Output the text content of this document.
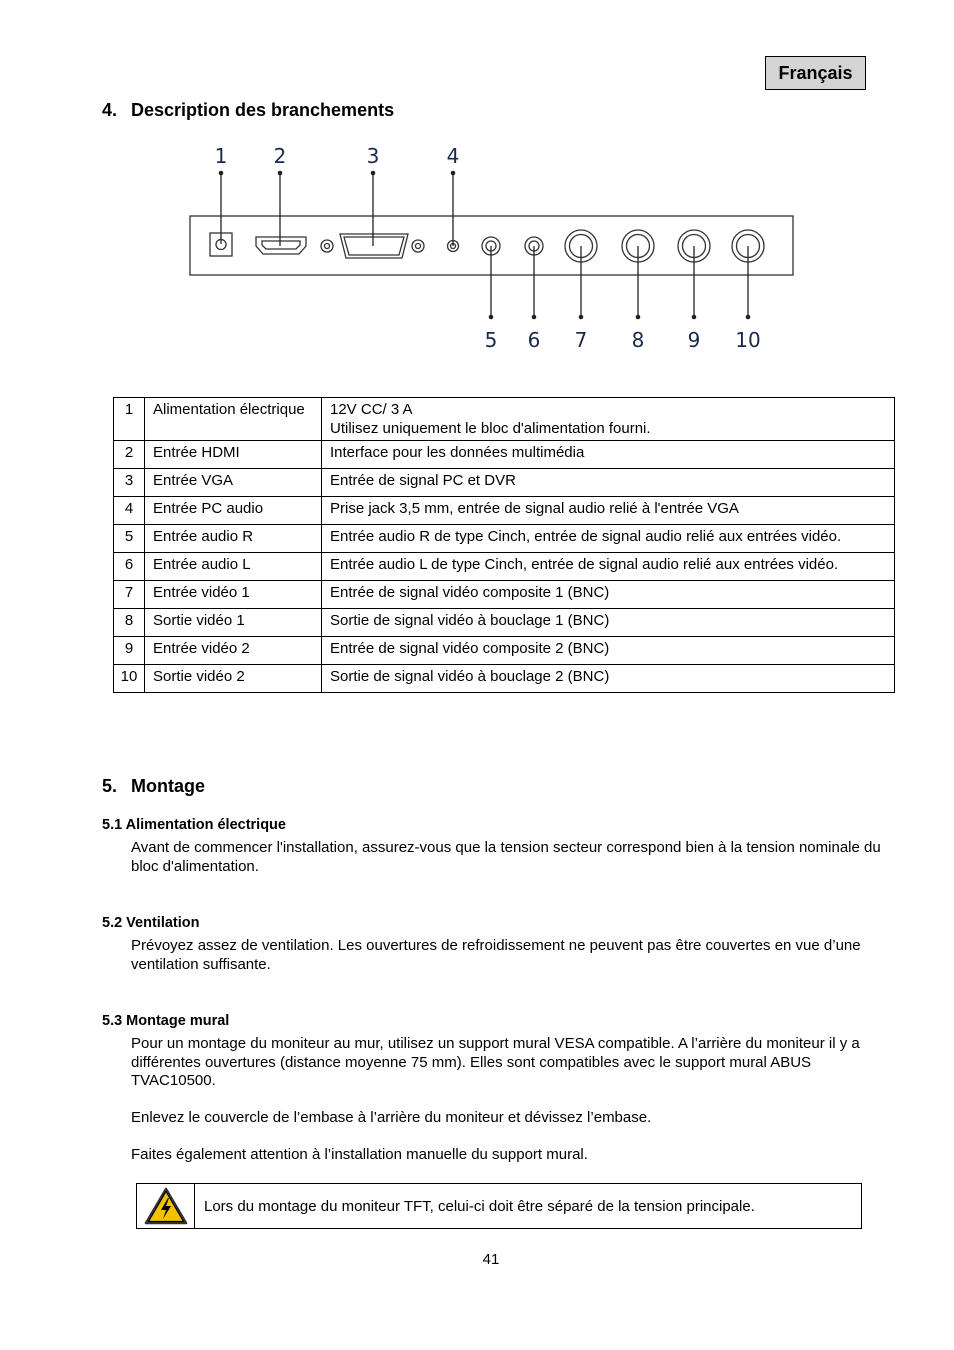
Français
4. Description des branchements
1 2	3	4
5 6 7 8 9 10
1	Alimentation électrique	12V CC/ 3 A
Utilisez uniquement le bloc d'alimentation fourni.
2	Entrée HDMI	Interface pour les données multimédia
3	Entrée VGA	Entrée de signal PC et DVR
4	Entrée PC audio	Prise jack 3,5 mm, entrée de signal audio relié à l'entrée VGA
5	Entrée audio R	Entrée audio R de type Cinch, entrée de signal audio relié aux entrées vidéo.
6	Entrée audio L	Entrée audio L de type Cinch, entrée de signal audio relié aux entrées vidéo.
7	Entrée vidéo 1	Entrée de signal vidéo composite 1 (BNC)
8	Sortie vidéo 1	Sortie de signal vidéo à bouclage 1 (BNC)
9	Entrée vidéo 2	Entrée de signal vidéo composite 2 (BNC)
10	Sortie vidéo 2	Sortie de signal vidéo à bouclage 2 (BNC)
5. Montage
5.1 Alimentation électrique

Avant de commencer l'installation, assurez-vous que la tension secteur correspond bien à la tension nominale du bloc d'alimentation.

5.2 Ventilation

Prévoyez assez de ventilation. Les ouvertures de refroidissement ne peuvent pas être couvertes en vue d’une ventilation suffisante.

5.3 Montage mural

Pour un montage du moniteur au mur, utilisez un support mural VESA compatible. A l’arrière du moniteur il y a différentes ouvertures (distance moyenne 75 mm). Elles sont compatibles avec le support mural ABUS TVAC10500.

Enlevez le couvercle de l’embase à l’arrière du moniteur et dévissez l’embase.

Faites également attention à l’installation manuelle du support mural.

Lors du montage du moniteur TFT, celui-ci doit être séparé de la tension principale.
41
